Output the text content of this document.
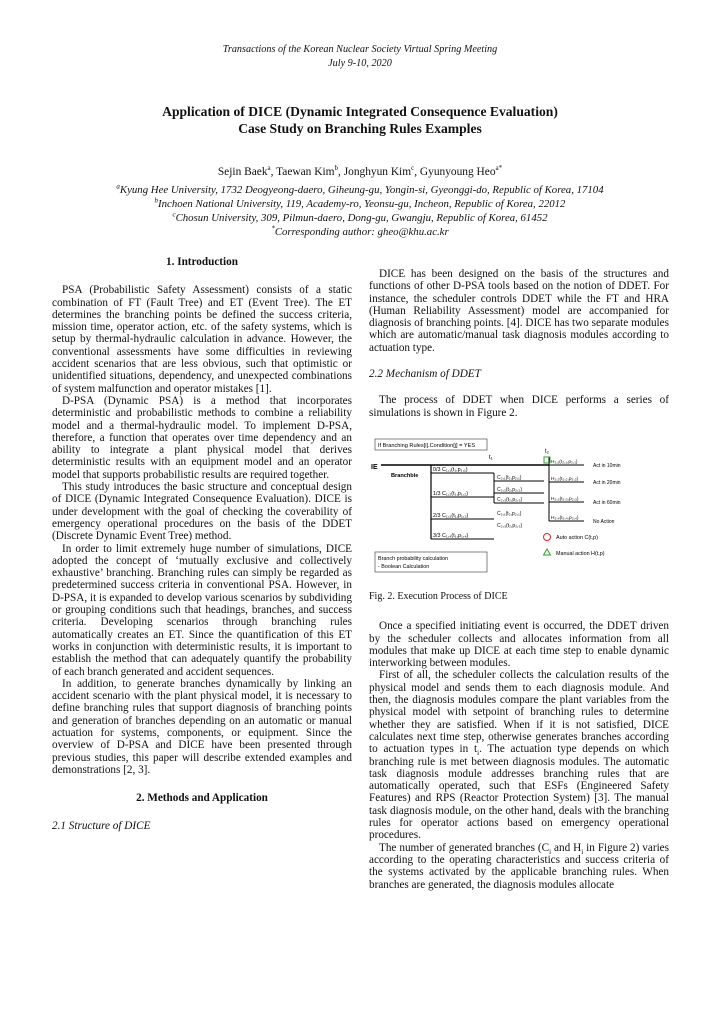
Transactions of the Korean Nuclear Society Virtual Spring Meeting
July 9-10, 2020
Application of DICE (Dynamic Integrated Consequence Evaluation)
Case Study on Branching Rules Examples
Sejin Baek$^a$, Taewan Kim$^b$, Jonghyun Kim$^c$, Gyunyoung Heo$^{a*}$
$^a$Kyung Hee University, 1732 Deogyeong-daero, Giheung-gu, Yongin-si, Gyeonggi-do, Republic of Korea, 17104
$^b$Inchoen National University, 119, Academy-ro, Yeonsu-gu, Incheon, Republic of Korea, 22012
$^c$Chosun University, 309, Pilmun-daero, Dong-gu, Gwangju, Republic of Korea, 61452
*Corresponding author: gheo@khu.ac.kr
1. Introduction

PSA (Probabilistic Safety Assessment) consists of a static combination of FT (Fault Tree) and ET (Event Tree). The ET determines the branching points be defined the success criteria, mission time, operator action, etc. of the safety systems, which is setup by thermal-hydraulic calculation in advance. However, the conventional assessments have some difficulties in reviewing accident scenarios that are less obvious, such that optimistic or unidentified situations, dependency, and unexpected combinations of system malfunction and operator mistakes [1].

D-PSA (Dynamic PSA) is a method that incorporates deterministic and probabilistic methods to combine a reliability model and a thermal-hydraulic model. To implement D-PSA, therefore, a function that operates over time dependency and an ability to integrate a plant physical model that derives deterministic results with an equipment model and an operator model that supports probabilistic results are required together.

This study introduces the basic structure and conceptual design of DICE (Dynamic Integrated Consequence Evaluation). DICE is under development with the goal of checking the coverability of emergency operational procedures on the basis of the DDET (Discrete Dynamic Event Tree) method.

In order to limit extremely huge number of simulations, DICE adopted the concept of ‘mutually exclusive and collectively exhaustive’ branching. Branching rules can simply be regarded as predetermined success criteria in conventional PSA. However, in D-PSA, it is expanded to develop various scenarios by subdividing or grouping conditions such that headings, branches, and success criteria. Developing scenarios through branching rules automatically creates an ET. Since the quantification of this ET works in conjunction with deterministic results, it is important to establish the method that can adequately quantify the probability of each branch generated and accident sequences.

In addition, to generate branches dynamically by linking an accident scenario with the plant physical model, it is necessary to define branching rules that support diagnosis of branching points and generation of branches depending on an automatic or manual actuation for systems, components, or equipment. Since the overview of D-PSA and DICE have been presented through previous studies, this paper will describe extended examples and demonstrations [2, 3].

2. Methods and Application
2.1 Structure of DICE

DICE has been designed on the basis of the structures and functions of other D-PSA tools based on the notion of DDET. For instance, the scheduler controls DDET while the FT and HRA (Human Reliability Assessment) model are accompanied for diagnosis of branching points. [4]. DICE has two separate modules which are automatic/manual task diagnosis modules according to actuation type.

2.2 Mechanism of DDET

The process of DDET when DICE performs a series of simulations is shown in Figure 2.

If Branching Rules[i].Condition[j] = YES
IE
Branchble
0/3 C₁,₁(t₁,p₁,₁)
1/3 C₁,₂(t₁,p₁,₂)
2/3 C₁,₃(t₁,p₁,₃)
3/3 C₁,₄(t₁,p₁,₄)
t₁
C₂,₁(t₂,p₂,₁)
C₂,₂(t₂,p₂,₂)
C₂,₃(t₂,p₂,₃)
C₂,₁(t₂,p₂,₁)
C₂,₃(t₂,p₂,₃)
t₂
H₂,₁(t₂,₁,p₂,₁)
H₂,₂(t₂,₂,p₂,₂)
H₂,₃(t₂,₃,p₂,₃)
H₂,₄(t₂,₄,p₂,₄)
Act in 10min
Act in 20min
Act in 60min
No Action
Branch probability calculation
- Boolean Calculation
Auto action C(t,p)
Manual action H(t,p)
Fig. 2. Execution Process of DICE

Once a specified initiating event is occurred, the DDET driven by the scheduler collects and allocates information from all modules that make up DICE at each time step to enable dynamic interworking between modules.

First of all, the scheduler collects the calculation results of the physical model and sends them to each diagnosis module. And then, the diagnosis modules compare the plant variables from the physical model with setpoint of branching rules to determine whether they are satisfied. When if it is not satisfied, DICE calculates next time step, otherwise generates branches according to actuation types in $t_i$. The actuation type depends on which branching rule is met between diagnosis modules. The automatic task diagnosis module addresses branching rules that are automatically operated, such that ESFs (Engineered Safety Features) and RPS (Reactor Protection System) [3]. The manual task diagnosis module, on the other hand, deals with the branching rules for operator actions based on emergency operational procedures.

The number of generated branches ($C_i$ and $H_i$ in Figure 2) varies according to the operating characteristics and success criteria of the systems activated by the applicable branching rules. When branches are generated, the diagnosis modules allocate
